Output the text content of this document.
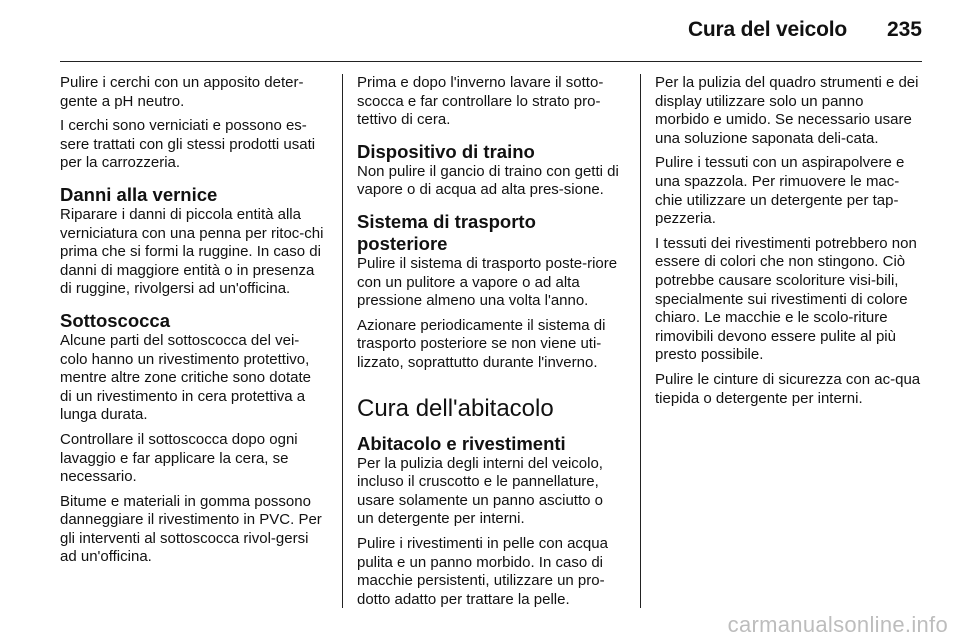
Cura del veicolo 235

Pulire i cerchi con un apposito deter-gente a pH neutro.

I cerchi sono verniciati e possono es-sere trattati con gli stessi prodotti usati per la carrozzeria.

Danni alla vernice

Riparare i danni di piccola entità alla verniciatura con una penna per ritoc-chi prima che si formi la ruggine. In caso di danni di maggiore entità o in presenza di ruggine, rivolgersi ad un'officina.

Sottoscocca

Alcune parti del sottoscocca del vei-colo hanno un rivestimento protettivo, mentre altre zone critiche sono dotate di un rivestimento in cera protettiva a lunga durata.

Controllare il sottoscocca dopo ogni lavaggio e far applicare la cera, se necessario.

Bitume e materiali in gomma possono danneggiare il rivestimento in PVC. Per gli interventi al sottoscocca rivol-gersi ad un'officina.

Prima e dopo l'inverno lavare il sotto-scocca e far controllare lo strato pro-tettivo di cera.

Dispositivo di traino

Non pulire il gancio di traino con getti di vapore o di acqua ad alta pres-sione.

Sistema di trasporto posteriore

Pulire il sistema di trasporto poste-riore con un pulitore a vapore o ad alta pressione almeno una volta l'anno.

Azionare periodicamente il sistema di trasporto posteriore se non viene uti-lizzato, soprattutto durante l'inverno.

Cura dell'abitacolo
Abitacolo e rivestimenti

Per la pulizia degli interni del veicolo, incluso il cruscotto e le pannellature, usare solamente un panno asciutto o un detergente per interni.

Pulire i rivestimenti in pelle con acqua pulita e un panno morbido. In caso di macchie persistenti, utilizzare un pro-dotto adatto per trattare la pelle.

Per la pulizia del quadro strumenti e dei display utilizzare solo un panno morbido e umido. Se necessario usare una soluzione saponata deli-cata.

Pulire i tessuti con un aspirapolvere e una spazzola. Per rimuovere le mac-chie utilizzare un detergente per tap-pezzeria.

I tessuti dei rivestimenti potrebbero non essere di colori che non stingono. Ciò potrebbe causare scoloriture visi-bili, specialmente sui rivestimenti di colore chiaro. Le macchie e le scolo-riture rimovibili devono essere pulite al più presto possibile.

Pulire le cinture di sicurezza con ac-qua tiepida o detergente per interni.

carmanualsonline.info
